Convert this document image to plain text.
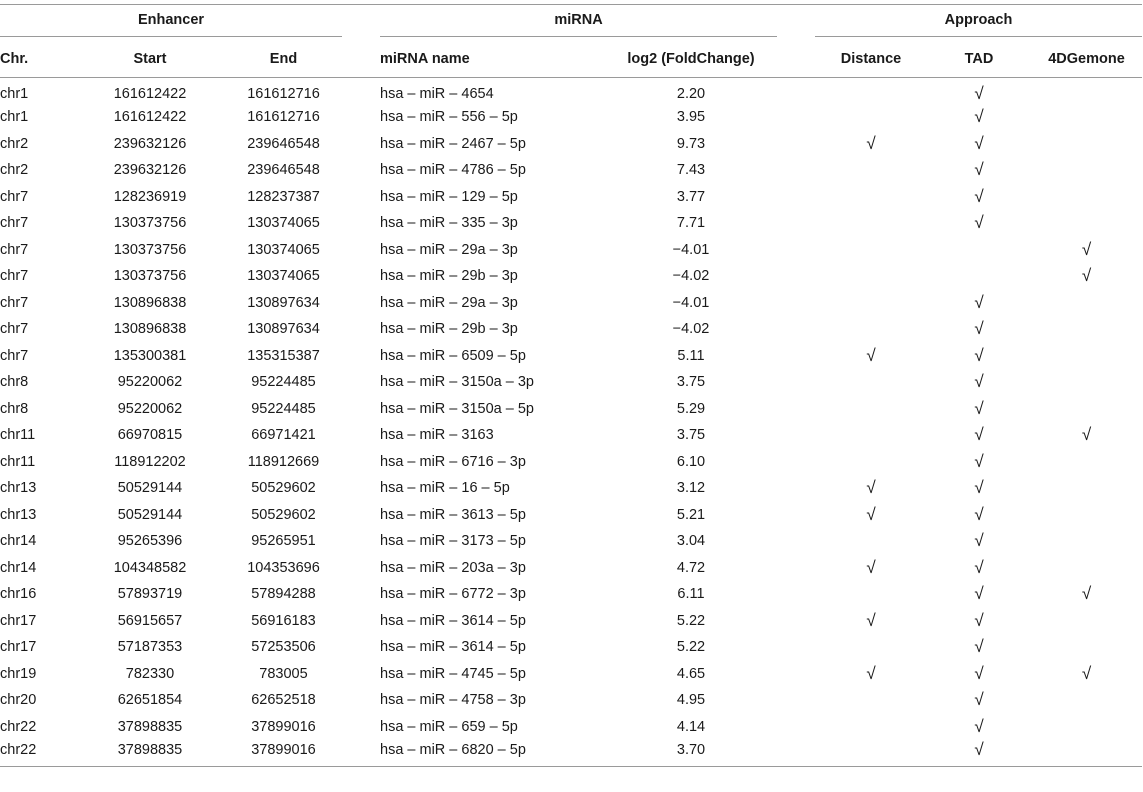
Enhancer				miRNA			Approach		

Chr.	Start	End		miRNA name	log2 (FoldChange)		Distance	TAD	4DGemone
chr1	161612422	161612716		hsa – miR – 4654	2.20			√	
chr1	161612422	161612716		hsa – miR – 556 – 5p	3.95			√	
chr2	239632126	239646548		hsa – miR – 2467 – 5p	9.73		√	√	
chr2	239632126	239646548		hsa – miR – 4786 – 5p	7.43			√	
chr7	128236919	128237387		hsa – miR – 129 – 5p	3.77			√	
chr7	130373756	130374065		hsa – miR – 335 – 3p	7.71			√	
chr7	130373756	130374065		hsa – miR – 29a – 3p	−4.01				√
chr7	130373756	130374065		hsa – miR – 29b – 3p	−4.02				√
chr7	130896838	130897634		hsa – miR – 29a – 3p	−4.01			√	
chr7	130896838	130897634		hsa – miR – 29b – 3p	−4.02			√	
chr7	135300381	135315387		hsa – miR – 6509 – 5p	5.11		√	√	
chr8	95220062	95224485		hsa – miR – 3150a – 3p	3.75			√	
chr8	95220062	95224485		hsa – miR – 3150a – 5p	5.29			√	
chr11	66970815	66971421		hsa – miR – 3163	3.75			√	√
chr11	118912202	118912669		hsa – miR – 6716 – 3p	6.10			√	
chr13	50529144	50529602		hsa – miR – 16 – 5p	3.12		√	√	
chr13	50529144	50529602		hsa – miR – 3613 – 5p	5.21		√	√	
chr14	95265396	95265951		hsa – miR – 3173 – 5p	3.04			√	
chr14	104348582	104353696		hsa – miR – 203a – 3p	4.72		√	√	
chr16	57893719	57894288		hsa – miR – 6772 – 3p	6.11			√	√
chr17	56915657	56916183		hsa – miR – 3614 – 5p	5.22		√	√	
chr17	57187353	57253506		hsa – miR – 3614 – 5p	5.22			√	
chr19	782330	783005		hsa – miR – 4745 – 5p	4.65		√	√	√
chr20	62651854	62652518		hsa – miR – 4758 – 3p	4.95			√	
chr22	37898835	37899016		hsa – miR – 659 – 5p	4.14			√	
chr22	37898835	37899016		hsa – miR – 6820 – 5p	3.70			√	
